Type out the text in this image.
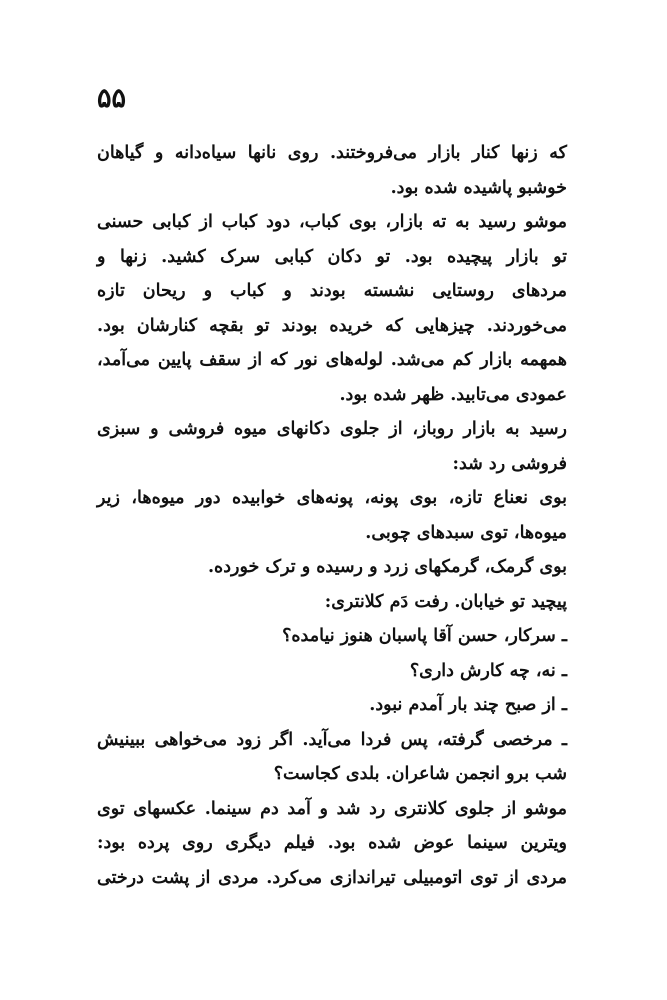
۵۵
که زنها کنار بازار می‌فروختند. روی نانها سیاه‌دانه و گیاهان
خوشبو پاشیده شده بود.
موشو رسید به ته بازار، بوی کباب، دود کباب از کبابی حسنی
تو بازار پیچیده بود. تو دکان کبابی سرک کشید. زنها و
مردهای روستایی نشسته بودند و کباب و ریحان تازه
می‌خوردند. چیزهایی که خریده بودند تو بقچه کنارشان بود.
همهمه بازار کم می‌شد. لوله‌های نور که از سقف پایین می‌آمد،
عمودی می‌تابید. ظهر شده بود.
رسید به بازار روباز، از جلوی دکانهای میوه فروشی و سبزی
فروشی رد شد:
بوی نعناع تازه، بوی پونه، پونه‌های خوابیده دور میوه‌ها، زیر
میوه‌ها، توی سبدهای چوبی.
بوی گرمک، گرمکهای زرد و رسیده و ترک خورده.
پیچید تو خیابان. رفت دَم کلانتری:
ـ سرکار، حسن آقا پاسبان هنوز نیامده؟
ـ نه، چه کارش داری؟
ـ از صبح چند بار آمدم نبود.
ـ مرخصی گرفته، پس فردا می‌آید. اگر زود می‌خواهی ببینیش
شب برو انجمن شاعران. بلدی کجاست؟
موشو از جلوی کلانتری رد شد و آمد دم سینما. عکسهای توی
ویترین سینما عوض شده بود. فیلم دیگری روی پرده بود:
مردی از توی اتومبیلی تیراندازی می‌کرد. مردی از پشت درختی
